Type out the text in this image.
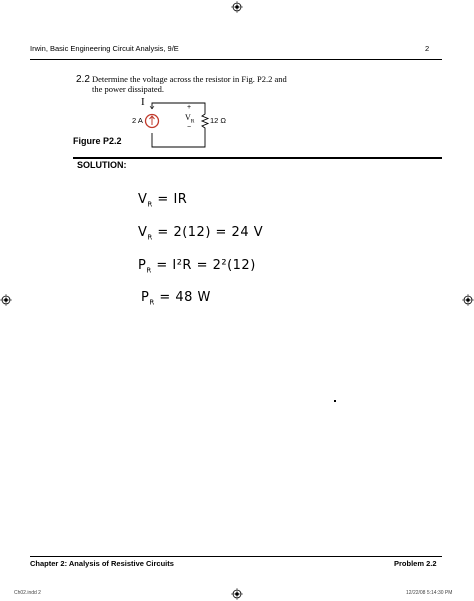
Irwin, Basic Engineering Circuit Analysis, 9/E	2
2.2 Determine the voltage across the resistor in Fig. P2.2 and
the power dissipated.
I
2 A
+
$V_R$
−
12 Ω
Figure P2.2
SOLUTION:
$V_R$ = IR
$V_R = 2(12) = 24$ V
$P_R = I^2R = 2^2(12)$
$P_R = 48$ W
Chapter 2: Analysis of Resistive Circuits	Problem 2.2
Ch02.indd 2	12/22/08 5:14:30 PM
